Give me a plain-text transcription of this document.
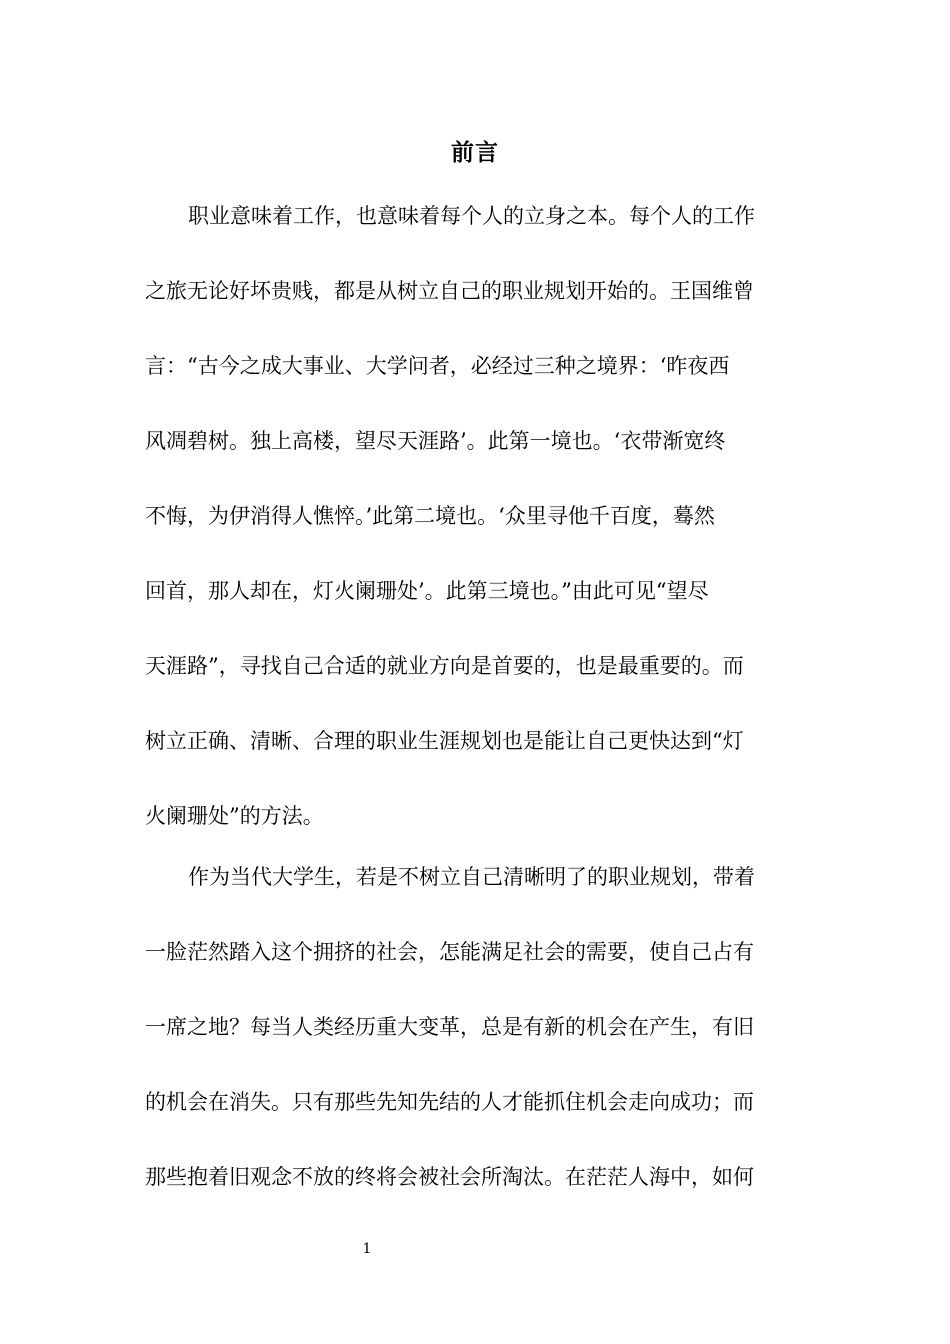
前言
职业意味着工作，也意味着每个人的立身之本。每个人的工作
之旅无论好坏贵贱，都是从树立自己的职业规划开始的。王国维曾
言：“古今之成大事业、大学问者，必经过三种之境界：‘昨夜西
风凋碧树。独上高楼，望尽天涯路’。此第一境也。‘衣带渐宽终
不悔，为伊消得人憔悴。’此第二境也。‘众里寻他千百度，蓦然
回首，那人却在，灯火阑珊处’。此第三境也。”由此可见“望尽
天涯路”，寻找自己合适的就业方向是首要的，也是最重要的。而
树立正确、清晰、合理的职业生涯规划也是能让自己更快达到“灯
火阑珊处”的方法。
作为当代大学生，若是不树立自己清晰明了的职业规划，带着
一脸茫然踏入这个拥挤的社会，怎能满足社会的需要，使自己占有
一席之地？每当人类经历重大变革，总是有新的机会在产生，有旧
的机会在消失。只有那些先知先结的人才能抓住机会走向成功；而
那些抱着旧观念不放的终将会被社会所淘汰。在茫茫人海中，如何
1
